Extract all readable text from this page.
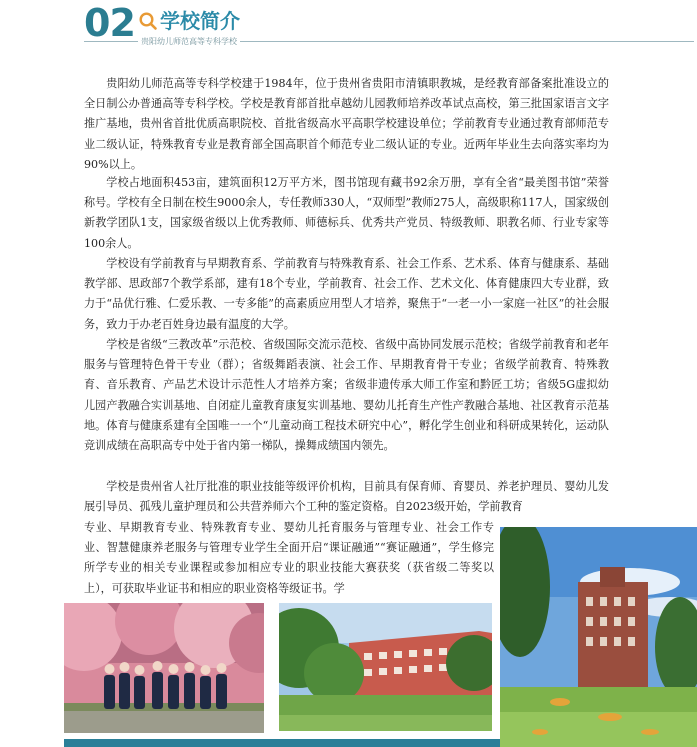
02 学校简介
贵阳幼儿师范高等专科学校

贵阳幼儿师范高等专科学校建于1984年，位于贵州省贵阳市清镇职教城，是经教育部备案批准设立的全日制公办普通高等专科学校。学校是教育部首批卓越幼儿园教师培养改革试点高校，第三批国家语言文字推广基地，贵州省首批优质高职院校、首批省级高水平高职学校建设单位；学前教育专业通过教育部师范专业二级认证，特殊教育专业是教育部全国高职首个师范专业二级认证的专业。近两年毕业生去向落实率均为90%以上。

学校占地面积453亩，建筑面积12万平方米，图书馆现有藏书92余万册，享有全省“最美图书馆”荣誉称号。学校有全日制在校生9000余人，专任教师330人，“双师型”教师275人，高级职称117人，国家级创新教学团队1支，国家级省级以上优秀教师、师德标兵、优秀共产党员、特级教师、职教名师、行业专家等100余人。

学校设有学前教育与早期教育系、学前教育与特殊教育系、社会工作系、艺术系、体育与健康系、基础教学部、思政部7个教学系部，建有18个专业，学前教育、社会工作、艺术文化、体育健康四大专业群，致力于“品优行雅、仁爱乐教、一专多能”的高素质应用型人才培养，聚焦于“一老一小一家庭一社区”的社会服务，致力于办老百姓身边最有温度的大学。

学校是省级“三教改革”示范校、省级国际交流示范校、省级中高协同发展示范校；省级学前教育和老年服务与管理特色骨干专业（群）；省级舞蹈表演、社会工作、早期教育骨干专业；省级学前教育、特殊教育、音乐教育、产品艺术设计示范性人才培养方案；省级非遗传承大师工作室和黔匠工坊；省级5G虚拟幼儿园产教融合实训基地、自闭症儿童教育康复实训基地、婴幼儿托育生产性产教融合基地、社区教育示范基地。体育与健康系建有全国唯一一个“儿童动商工程技术研究中心”，孵化学生创业和科研成果转化，运动队竞训成绩在高职高专中处于省内第一梯队，操舞成绩国内领先。

学校是贵州省人社厅批准的职业技能等级评价机构，目前具有保育师、育婴员、养老护理员、婴幼儿发展引导员、孤残儿童护理员和公共营养师六个工种的鉴定资格。自2023级开始，学前教育

专业、早期教育专业、特殊教育专业、婴幼儿托育服务与管理专业、社会工作专业、智慧健康养老服务与管理专业学生全面开启“课证融通”“赛证融通”，学生修完所学专业的相关专业课程或参加相应专业的职业技能大赛获奖（获省级二等奖以上），可获取毕业证书和相应的职业资格等级证书。学
